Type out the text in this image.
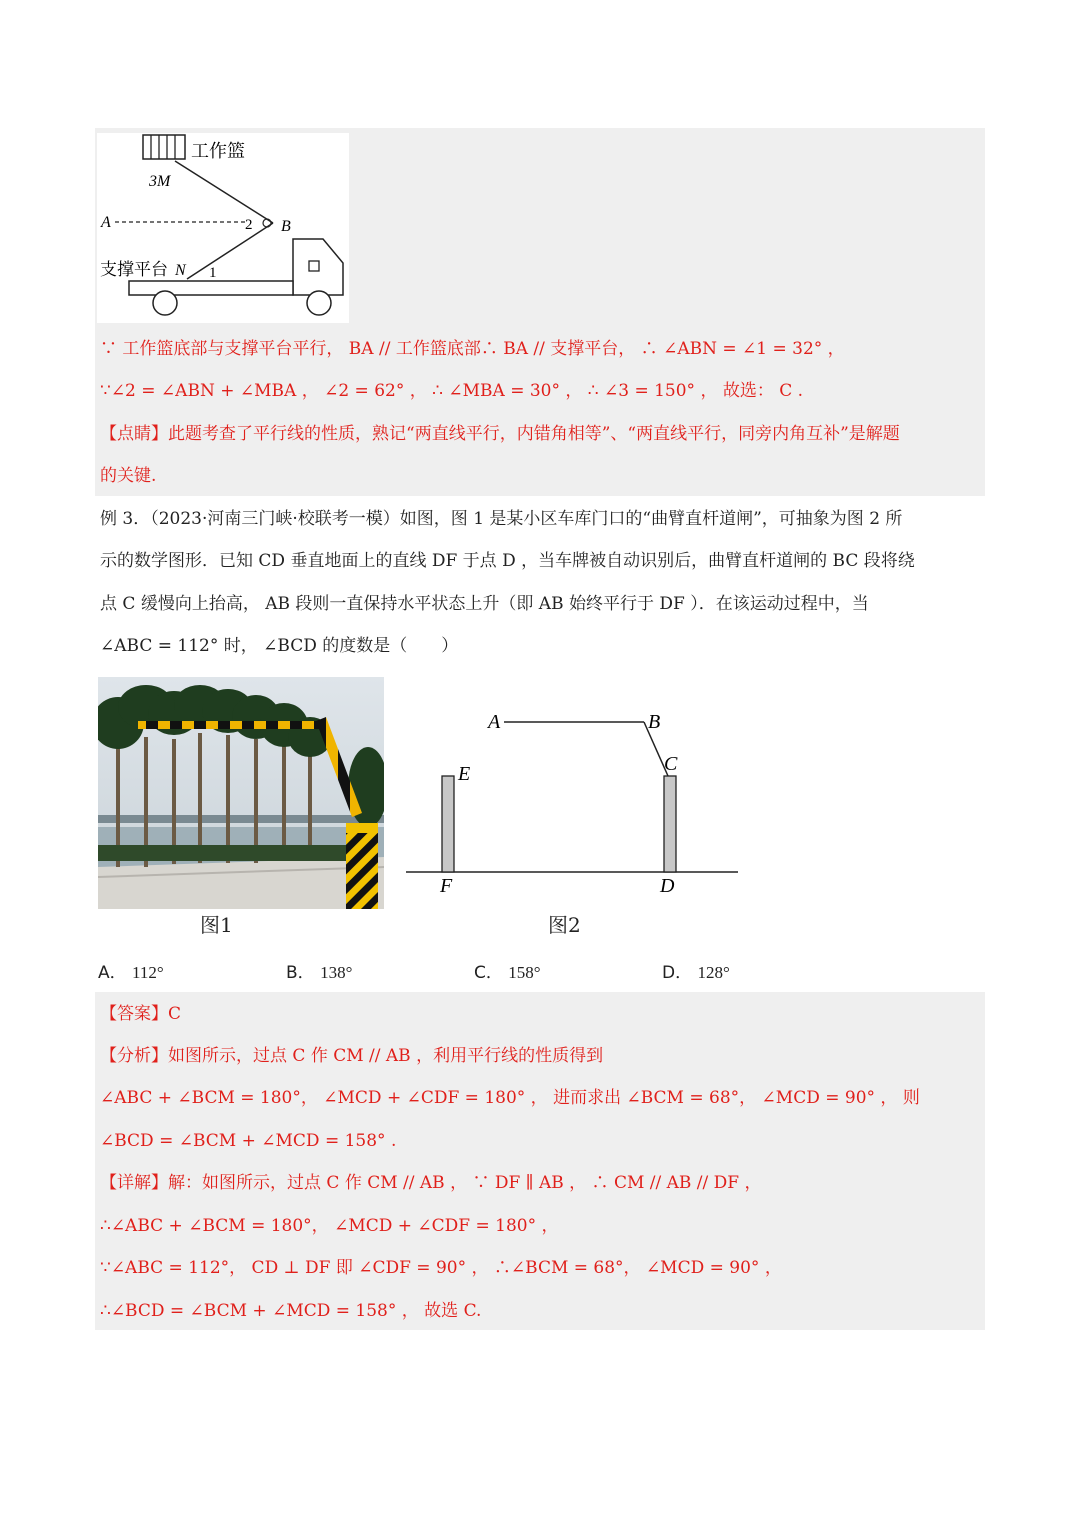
工作篮
3M
A	2 B
支撑平台 N 1
∵ 工作篮底部与支撑平台平行， BA // 工作篮底部∴ BA // 支撑平台， ∴ ∠ABN = ∠1 = 32° ，
∵∠2 = ∠ABN + ∠MBA ， ∠2 = 62° ， ∴ ∠MBA = 30° ， ∴ ∠3 = 150° ， 故选： C .
【点睛】此题考查了平行线的性质，熟记“两直线平行，内错角相等”、“两直线平行，同旁内角互补”是解题
的关键.
例 3．（2023·河南三门峡·校联考一模）如图，图 1 是某小区车库门口的“曲臂直杆道闸”，可抽象为图 2 所
示的数学图形．已知 CD 垂直地面上的直线 DF 于点 D ，当车牌被自动识别后，曲臂直杆道闸的 BC 段将绕
点 C 缓慢向上抬高， AB 段则一直保持水平状态上升（即 AB 始终平行于 DF ）．在该运动过程中，当
∠ABC = 112° 时， ∠BCD 的度数是（　　）
图1
A	B
C
D
E
F
图2
A． 112°	B． 138°	C． 158°	D． 128°
【答案】C
【分析】如图所示，过点 C 作 CM // AB ，利用平行线的性质得到
∠ABC + ∠BCM = 180°， ∠MCD + ∠CDF = 180° ， 进而求出 ∠BCM = 68°， ∠MCD = 90° ， 则
∠BCD = ∠BCM + ∠MCD = 158° .
【详解】解：如图所示，过点 C 作 CM // AB ， ∵ DF ∥ AB ， ∴ CM // AB // DF ，
∴∠ABC + ∠BCM = 180°， ∠MCD + ∠CDF = 180° ，
∵∠ABC = 112°， CD ⊥ DF 即 ∠CDF = 90° ， ∴∠BCM = 68°， ∠MCD = 90° ，
∴∠BCD = ∠BCM + ∠MCD = 158° ， 故选 C.
